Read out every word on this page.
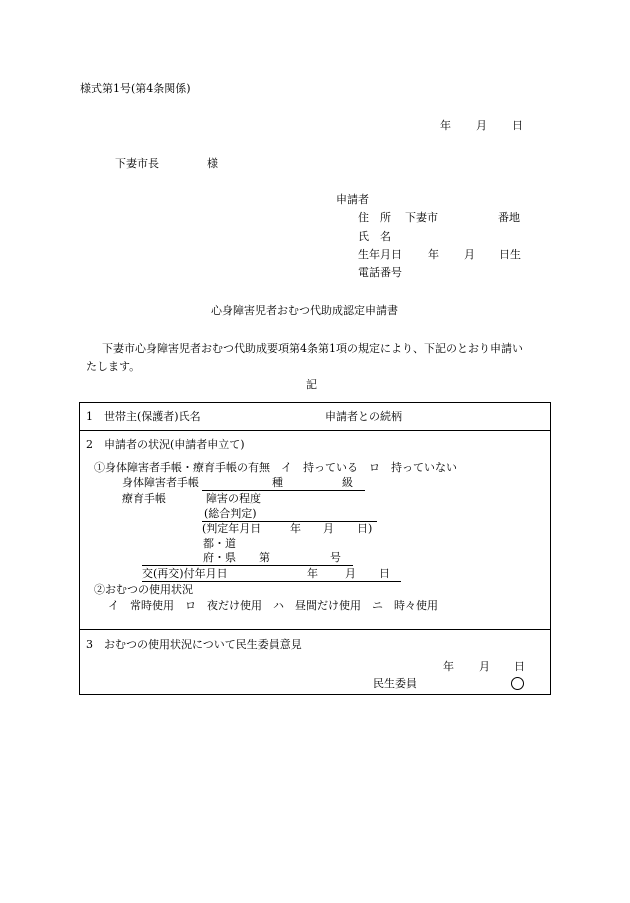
様式第1号(第4条関係)
年 月 日
下妻市長	様
申請者
住　所 下妻市	番地
氏　名
生年月日 年 月 日生
電話番号
心身障害児者おむつ代助成認定申請書
下妻市心身障害児者おむつ代助成要項第4条第1項の規定により、下記のとおり申請い
たします。
記
1　世帯主(保護者)氏名	申請者との続柄
2　申請者の状況(申請者申立て)
①身体障害者手帳・療育手帳の有無　イ　持っている　ロ　持っていない
身体障害者手帳	種	級
療育手帳	障害の程度
(総合判定)
(判定年月日	年 月 日)
都・道
府・県 第	号
交(再交)付年月日	年 月 日
②おむつの使用状況
イ　常時使用　ロ　夜だけ使用　ハ　昼間だけ使用　ニ　時々使用
3　おむつの使用状況について民生委員意見
年 月 日
民生委員
